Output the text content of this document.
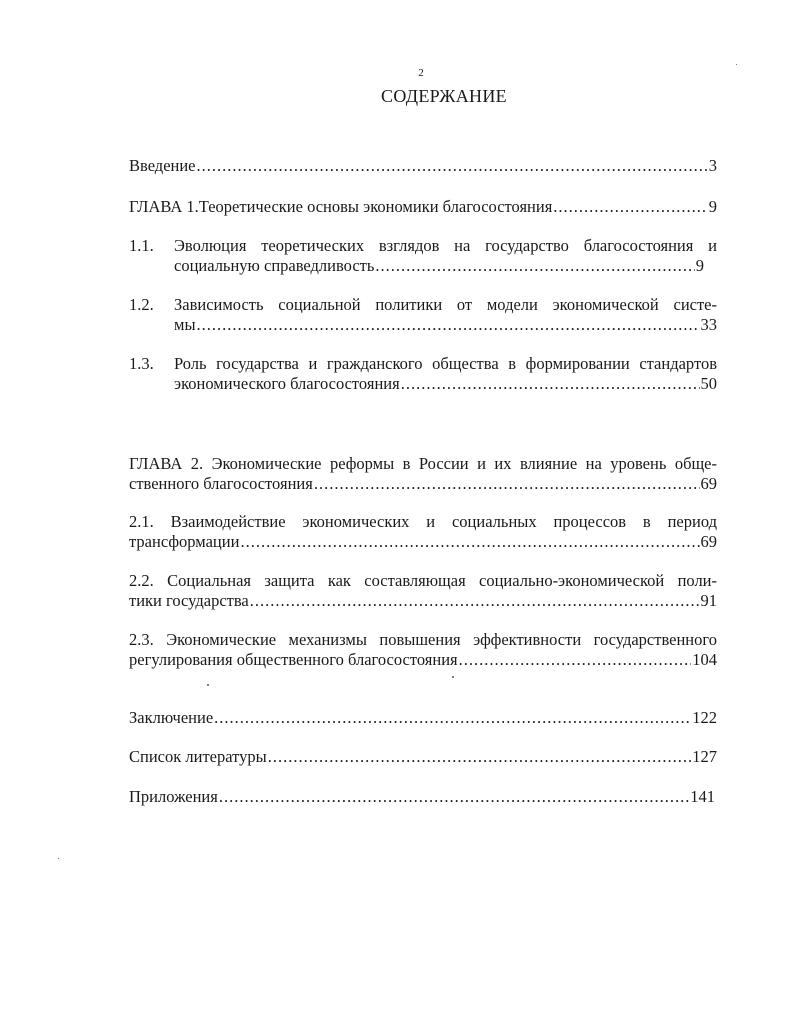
2
СОДЕРЖАНИЕ
Введение .....	3
ГЛАВА 1.Теоретические основы экономики благосостояния .....	9
1.1. Эволюция теоретических взглядов на государство благосостояния и
социальную справедливость .....	9
1.2. Зависимость социальной политики от модели экономической систе-
мы .....	33
1.3. Роль государства и гражданского общества в формировании стандартов
экономического благосостояния .....	50
ГЛАВА 2. Экономические реформы в России и их влияние на уровень обще-
ственного благосостояния .....	69
2.1. Взаимодействие экономических и социальных процессов в период
трансформации .....	69
2.2. Социальная защита как составляющая социально-экономической поли-
тики государства .....	91
2.3. Экономические механизмы повышения эффективности государственного
регулирования общественного благосостояния .....	104
Заключение .....	122
Список литературы .....	127
Приложения .....	141
